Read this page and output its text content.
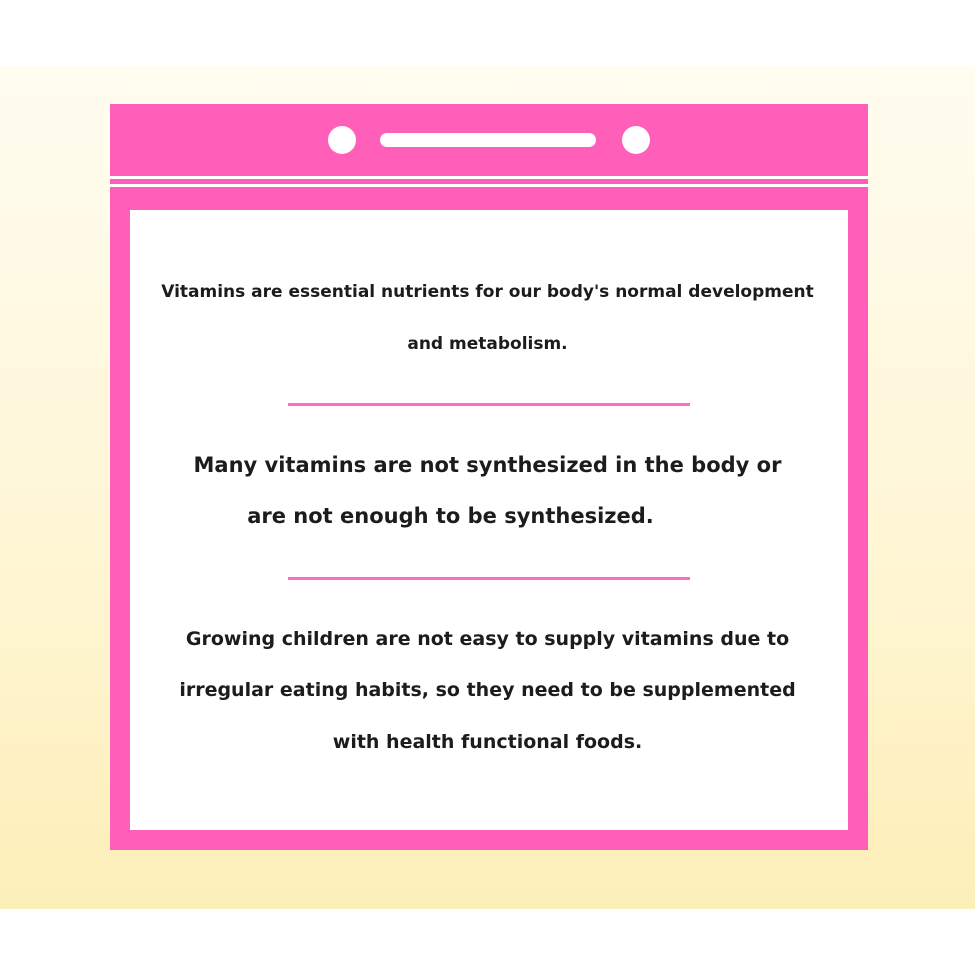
Vitamins are essential nutrients for our body's normal development

and metabolism.

Many vitamins are not synthesized in the body or

are not enough to be synthesized.

Growing children are not easy to supply vitamins due to

irregular eating habits, so they need to be supplemented

with health functional foods.
